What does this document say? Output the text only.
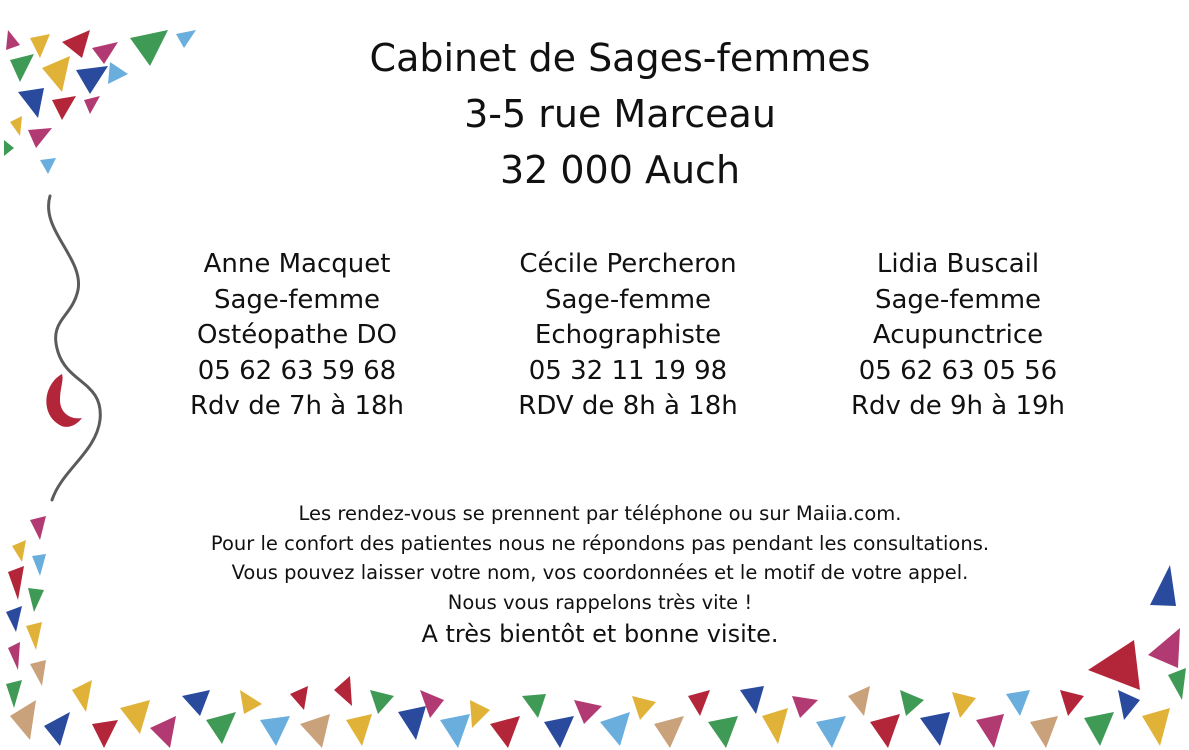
Cabinet de Sages-femmes
3-5 rue Marceau
32 000 Auch
Anne Macquet
Sage-femme
Ostéopathe DO
05 62 63 59 68
Rdv de 7h à 18h
Cécile Percheron
Sage-femme
Echographiste
05 32 11 19 98
RDV de 8h à 18h
Lidia Buscail
Sage-femme
Acupunctrice
05 62 63 05 56
Rdv de 9h à 19h
Les rendez-vous se prennent par téléphone ou sur Maiia.com.
Pour le confort des patientes nous ne répondons pas pendant les consultations.
Vous pouvez laisser votre nom, vos coordonnées et le motif de votre appel.
Nous vous rappelons très vite !
A très bientôt et bonne visite.
